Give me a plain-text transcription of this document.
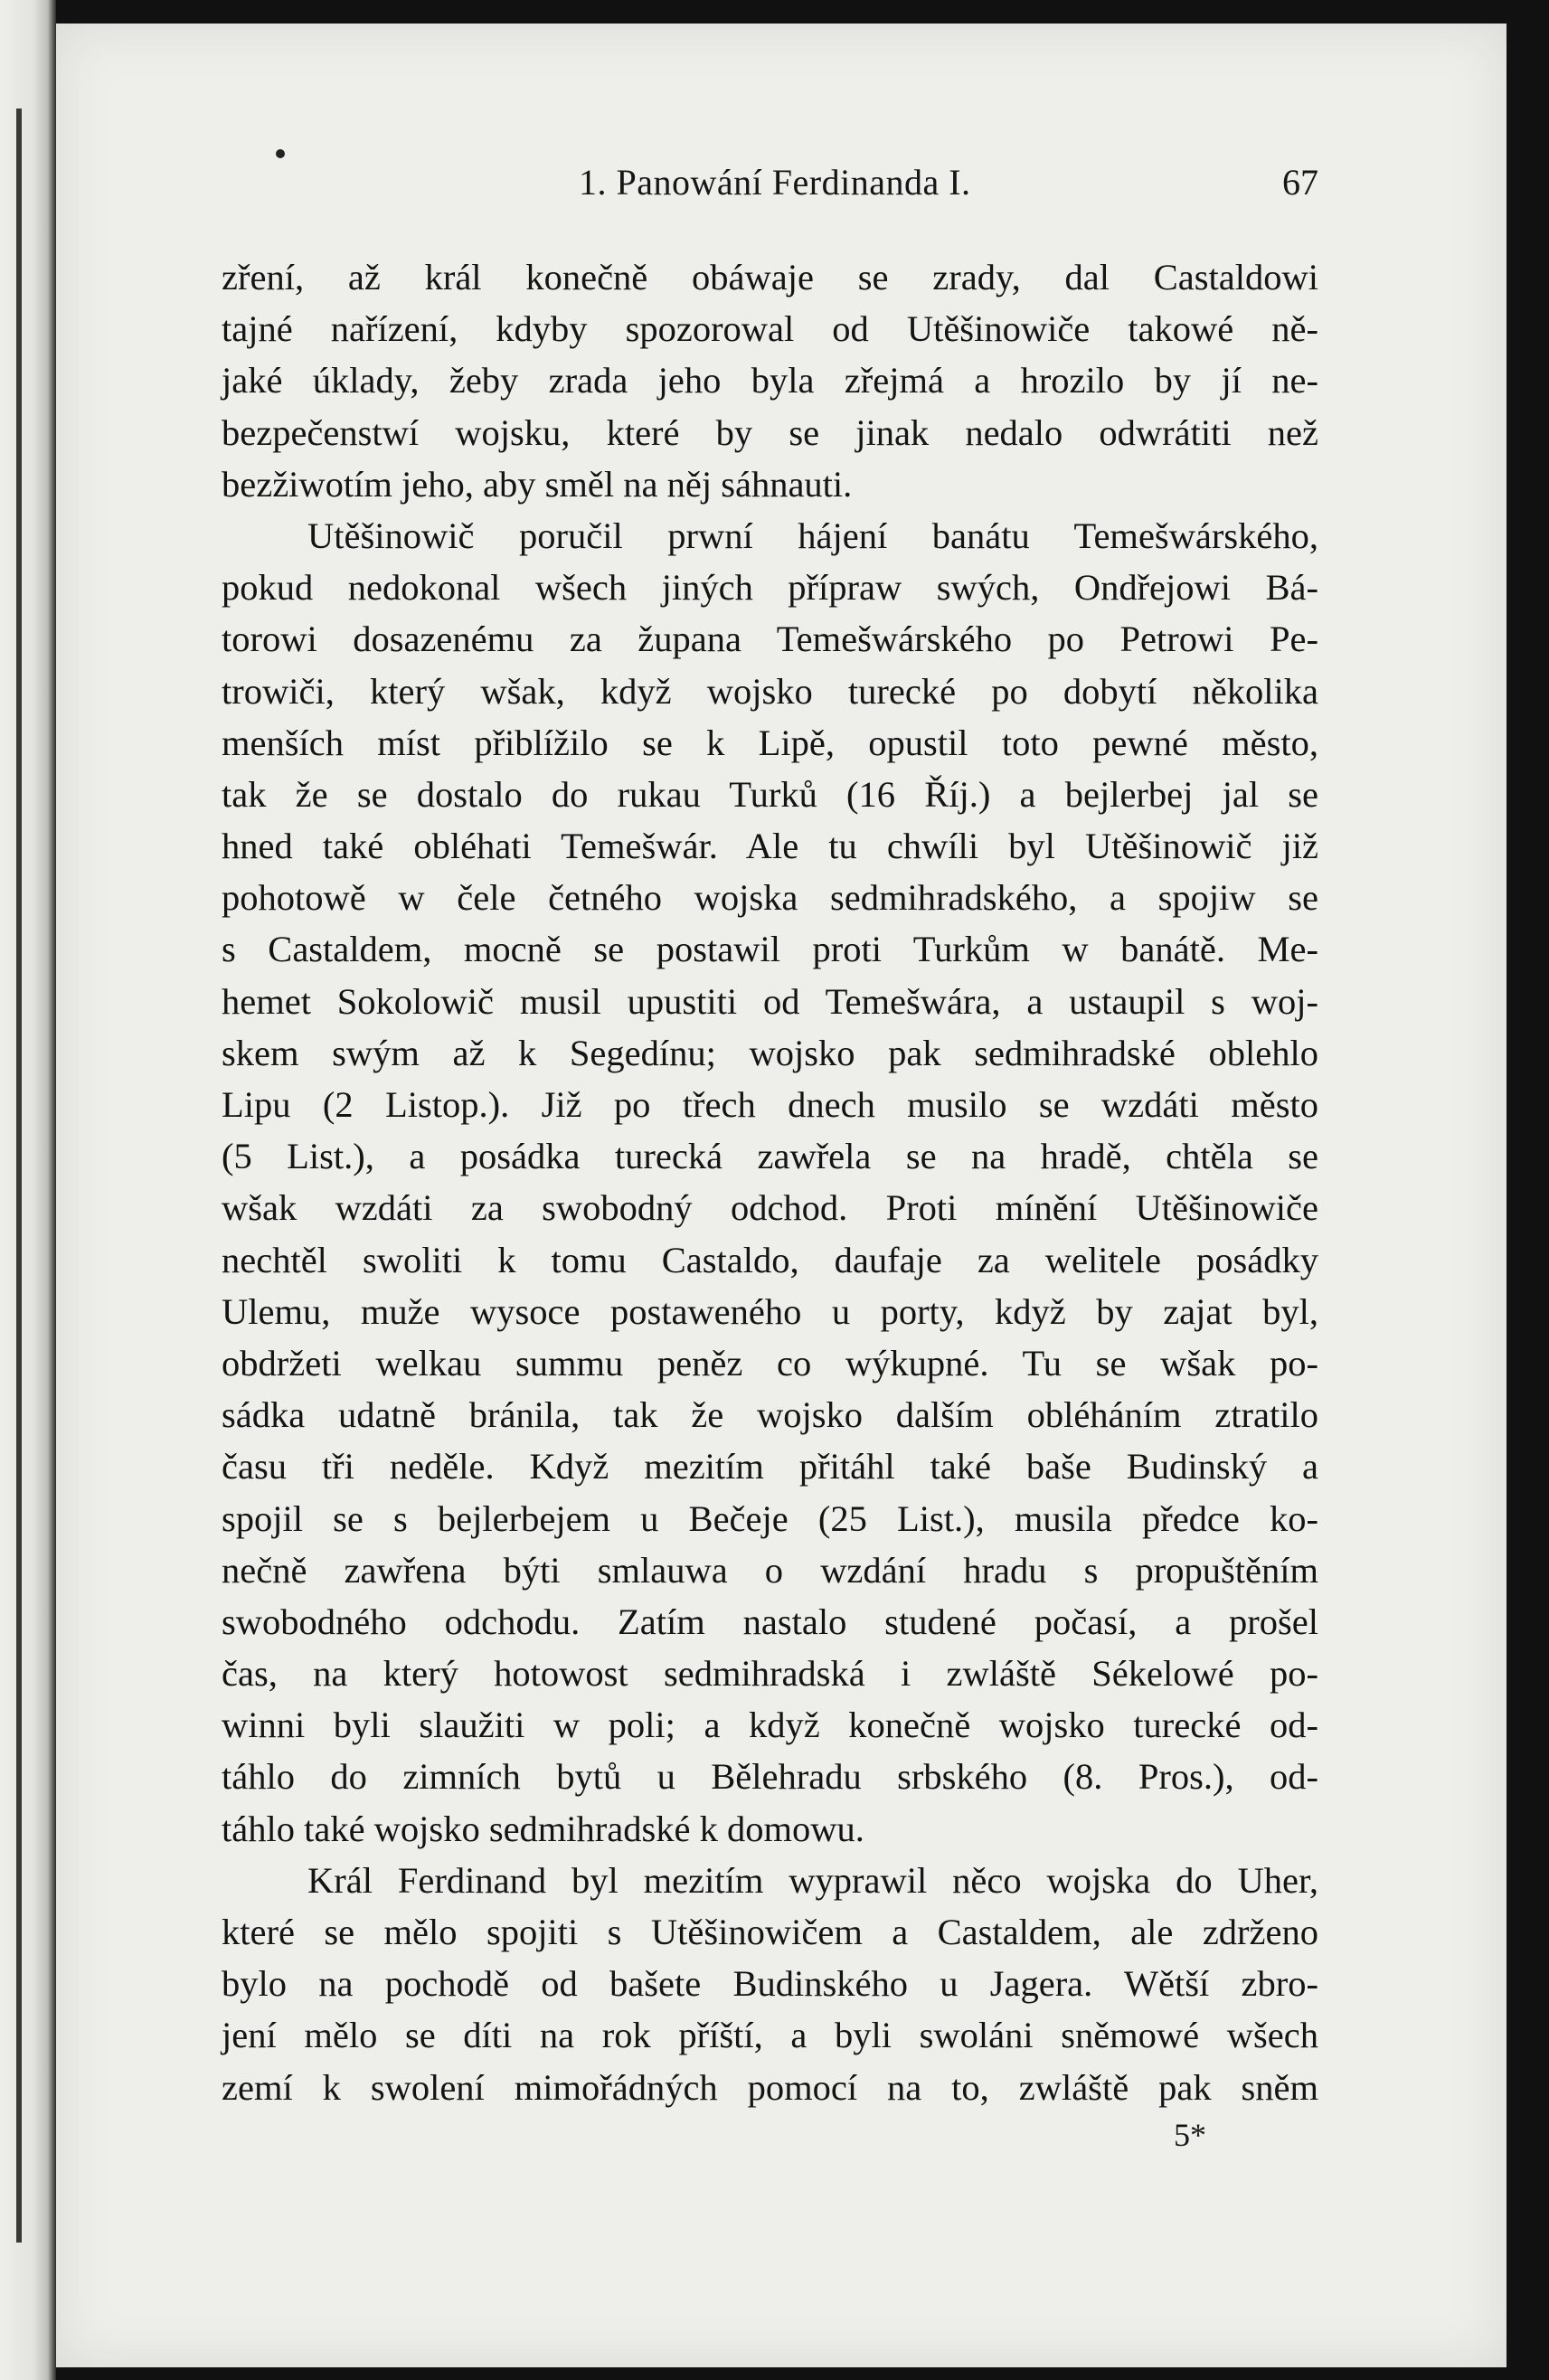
1. Panowání Ferdinanda I.	67
zření, až král konečně obáwaje se zrady, dal Castaldowi
tajné nařízení, kdyby spozorowal od Utěšinowiče takowé ně-
jaké úklady, žeby zrada jeho byla zřejmá a hrozilo by jí ne-
bezpečenstwí wojsku, které by se jinak nedalo odwrátiti než
bezžiwotím jeho, aby směl na něj sáhnauti.
Utěšinowič poručil prwní hájení banátu Temešwárského,
pokud nedokonal wšech jiných příprаw swých, Ondřejowi Bá-
torowi dosazenému za župana Temešwárského po Petrowi Pe-
trowiči, který wšak, když wojsko turecké po dobytí několika
menších míst přiblížilo se k Lipě, opustil toto pewné město,
tak že se dostalo do rukau Turků (16 Říj.) a bejlerbej jal se
hned také obléhati Temešwár. Ale tu chwíli byl Utěšinowič již
pohotowě w čele četného wojska sedmihradského, a spojiw se
s Castaldem, mocně se postawil proti Turkům w banátě. Me-
hemet Sokolowič musil upustiti od Temešwára, a ustaupil s woj-
skem swým až k Segedínu; wojsko pak sedmihradské oblehlo
Lipu (2 Listop.). Již po třech dnech musilo se wzdáti město
(5 List.), a posádka turecká zawřela se na hradě, chtěla se
wšak wzdáti za swobodný odchod. Proti mínění Utěšinowiče
nechtěl swoliti k tomu Castaldo, daufaje za welitele posádky
Ulemu, muže wysoce postaweného u porty, když by zajat byl,
obdržeti welkau summu peněz co wýkupné. Tu se wšak po-
sádka udatně bránila, tak že wojsko dalším obléháním ztratilo
času tři neděle. Když mezitím přitáhl také baše Budinský a
spojil se s bejlerbejem u Bečeje (25 List.), musila předce ko-
nečně zawřena býti smlauwa o wzdání hradu s propuštěním
swobodného odchodu. Zatím nastalo studené počasí, a prošel
čas, na který hotowost sedmihradská i zwláště Sékelowé po-
winni byli slaužiti w poli; a když konečně wojsko turecké od-
táhlo do zimních bytů u Bělehradu srbského (8. Pros.), od-
táhlo také wojsko sedmihradské k domowu.
Král Ferdinand byl mezitím wyprawil něco wojska do Uher,
které se mělo spojiti s Utěšinowičem a Castaldem, ale zdrženo
bylo na pochodě od bašete Budinského u Jagera. Wětší zbro-
jení mělo se díti na rok příští, a byli swoláni sněmowé wšech
zemí k swolení mimořádných pomocí na to, zwláště pak sněm
5*
